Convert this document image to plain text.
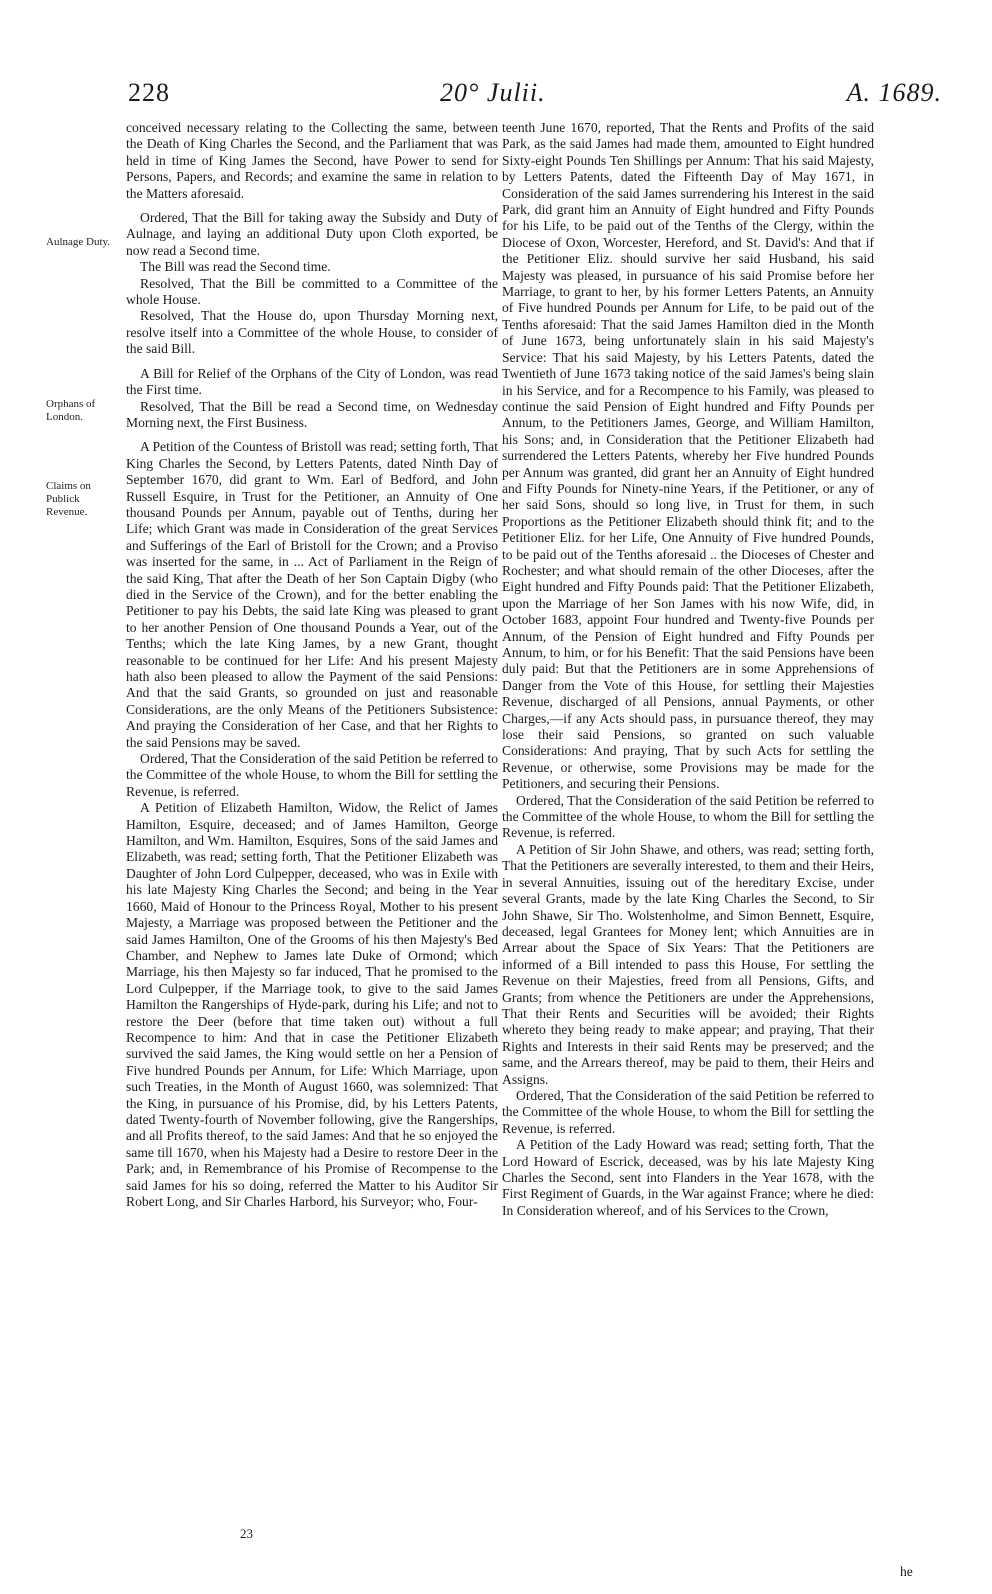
228	20° Julii.	A. 1689.
Aulnage Duty.
Orphans of London.
Claims on Publick Revenue.

conceived necessary relating to the Collecting the same, between the Death of King Charles the Second, and the Parliament that was held in time of King James the Second, have Power to send for Persons, Papers, and Records; and examine the same in relation to the Matters aforesaid.

Ordered, That the Bill for taking away the Subsidy and Duty of Aulnage, and laying an additional Duty upon Cloth exported, be now read a Second time.

The Bill was read the Second time.

Resolved, That the Bill be committed to a Committee of the whole House.

Resolved, That the House do, upon Thursday Morning next, resolve itself into a Committee of the whole House, to consider of the said Bill.

A Bill for Relief of the Orphans of the City of London, was read the First time.

Resolved, That the Bill be read a Second time, on Wednesday Morning next, the First Business.

A Petition of the Countess of Bristoll was read; setting forth, That King Charles the Second, by Letters Patents, dated Ninth Day of September 1670, did grant to Wm. Earl of Bedford, and John Russell Esquire, in Trust for the Petitioner, an Annuity of One thousand Pounds per Annum, payable out of Tenths, during her Life; which Grant was made in Consideration of the great Services and Sufferings of the Earl of Bristoll for the Crown; and a Proviso was inserted for the same, in ... Act of Parliament in the Reign of the said King, That after the Death of her Son Captain Digby (who died in the Service of the Crown), and for the better enabling the Petitioner to pay his Debts, the said late King was pleased to grant to her another Pension of One thousand Pounds a Year, out of the Tenths; which the late King James, by a new Grant, thought reasonable to be continued for her Life: And his present Majesty hath also been pleased to allow the Payment of the said Pensions: And that the said Grants, so grounded on just and reasonable Considerations, are the only Means of the Petitioners Subsistence: And praying the Consideration of her Case, and that her Rights to the said Pensions may be saved.

Ordered, That the Consideration of the said Petition be referred to the Committee of the whole House, to whom the Bill for settling the Revenue, is referred.

A Petition of Elizabeth Hamilton, Widow, the Relict of James Hamilton, Esquire, deceased; and of James Hamilton, George Hamilton, and Wm. Hamilton, Esquires, Sons of the said James and Elizabeth, was read; setting forth, That the Petitioner Elizabeth was Daughter of John Lord Culpepper, deceased, who was in Exile with his late Majesty King Charles the Second; and being in the Year 1660, Maid of Honour to the Princess Royal, Mother to his present Majesty, a Marriage was proposed between the Petitioner and the said James Hamilton, One of the Grooms of his then Majesty's Bed Chamber, and Nephew to James late Duke of Ormond; which Marriage, his then Majesty so far induced, That he promised to the Lord Culpepper, if the Marriage took, to give to the said James Hamilton the Rangerships of Hyde-park, during his Life; and not to restore the Deer (before that time taken out) without a full Recompence to him: And that in case the Petitioner Elizabeth survived the said James, the King would settle on her a Pension of Five hundred Pounds per Annum, for Life: Which Marriage, upon such Treaties, in the Month of August 1660, was solemnized: That the King, in pursuance of his Promise, did, by his Letters Patents, dated Twenty-fourth of November following, give the Rangerships, and all Profits thereof, to the said James: And that he so enjoyed the same till 1670, when his Majesty had a Desire to restore Deer in the Park; and, in Remembrance of his Promise of Recompense to the said James for his so doing, referred the Matter to his Auditor Sir Robert Long, and Sir Charles Harbord, his Surveyor; who, Four-

teenth June 1670, reported, That the Rents and Profits of the said Park, as the said James had made them, amounted to Eight hundred Sixty-eight Pounds Ten Shillings per Annum: That his said Majesty, by Letters Patents, dated the Fifteenth Day of May 1671, in Consideration of the said James surrendering his Interest in the said Park, did grant him an Annuity of Eight hundred and Fifty Pounds for his Life, to be paid out of the Tenths of the Clergy, within the Diocese of Oxon, Worcester, Hereford, and St. David's: And that if the Petitioner Eliz. should survive her said Husband, his said Majesty was pleased, in pursuance of his said Promise before her Marriage, to grant to her, by his former Letters Patents, an Annuity of Five hundred Pounds per Annum for Life, to be paid out of the Tenths aforesaid: That the said James Hamilton died in the Month of June 1673, being unfortunately slain in his said Majesty's Service: That his said Majesty, by his Letters Patents, dated the Twentieth of June 1673 taking notice of the said James's being slain in his Service, and for a Recompence to his Family, was pleased to continue the said Pension of Eight hundred and Fifty Pounds per Annum, to the Petitioners James, George, and William Hamilton, his Sons; and, in Consideration that the Petitioner Elizabeth had surrendered the Letters Patents, whereby her Five hundred Pounds per Annum was granted, did grant her an Annuity of Eight hundred and Fifty Pounds for Ninety-nine Years, if the Petitioner, or any of her said Sons, should so long live, in Trust for them, in such Proportions as the Petitioner Elizabeth should think fit; and to the Petitioner Eliz. for her Life, One Annuity of Five hundred Pounds, to be paid out of the Tenths aforesaid .. the Dioceses of Chester and Rochester; and what should remain of the other Dioceses, after the Eight hundred and Fifty Pounds paid: That the Petitioner Elizabeth, upon the Marriage of her Son James with his now Wife, did, in October 1683, appoint Four hundred and Twenty-five Pounds per Annum, of the Pension of Eight hundred and Fifty Pounds per Annum, to him, or for his Benefit: That the said Pensions have been duly paid: But that the Petitioners are in some Apprehensions of Danger from the Vote of this House, for settling their Majesties Revenue, discharged of all Pensions, annual Payments, or other Charges,—if any Acts should pass, in pursuance thereof, they may lose their said Pensions, so granted on such valuable Considerations: And praying, That by such Acts for settling the Revenue, or otherwise, some Provisions may be made for the Petitioners, and securing their Pensions.

Ordered, That the Consideration of the said Petition be referred to the Committee of the whole House, to whom the Bill for settling the Revenue, is referred.

A Petition of Sir John Shawe, and others, was read; setting forth, That the Petitioners are severally interested, to them and their Heirs, in several Annuities, issuing out of the hereditary Excise, under several Grants, made by the late King Charles the Second, to Sir John Shawe, Sir Tho. Wolstenholme, and Simon Bennett, Esquire, deceased, legal Grantees for Money lent; which Annuities are in Arrear about the Space of Six Years: That the Petitioners are informed of a Bill intended to pass this House, For settling the Revenue on their Majesties, freed from all Pensions, Gifts, and Grants; from whence the Petitioners are under the Apprehensions, That their Rents and Securities will be avoided; their Rights whereto they being ready to make appear; and praying, That their Rights and Interests in their said Rents may be preserved; and the same, and the Arrears thereof, may be paid to them, their Heirs and Assigns.

Ordered, That the Consideration of the said Petition be referred to the Committee of the whole House, to whom the Bill for settling the Revenue, is referred.

A Petition of the Lady Howard was read; setting forth, That the Lord Howard of Escrick, deceased, was by his late Majesty King Charles the Second, sent into Flanders in the Year 1678, with the First Regiment of Guards, in the War against France; where he died: In Consideration whereof, and of his Services to the Crown,

23
he
